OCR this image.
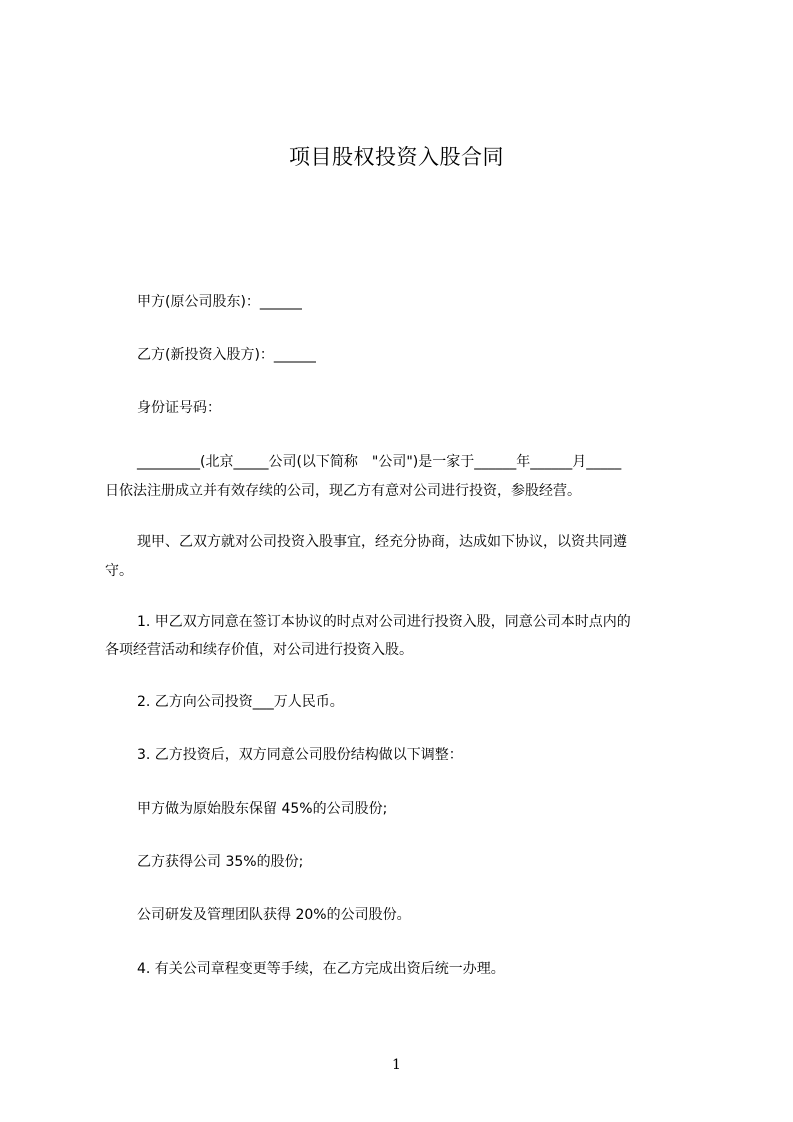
项目股权投资入股合同
甲方(原公司股东)：______
乙方(新投资入股方)：______
身份证号码：
_________(北京_____公司(以下简称　"公司")是一家于______年______月_____
日依法注册成立并有效存续的公司，现乙方有意对公司进行投资，参股经营。
现甲、乙双方就对公司投资入股事宜，经充分协商，达成如下协议，以资共同遵
守。
1. 甲乙双方同意在签订本协议的时点对公司进行投资入股，同意公司本时点内的
各项经营活动和续存价值，对公司进行投资入股。
2. 乙方向公司投资___万人民币。
3. 乙方投资后，双方同意公司股份结构做以下调整：
甲方做为原始股东保留 45%的公司股份;
乙方获得公司 35%的股份;
公司研发及管理团队获得 20%的公司股份。
4. 有关公司章程变更等手续，在乙方完成出资后统一办理。
1
